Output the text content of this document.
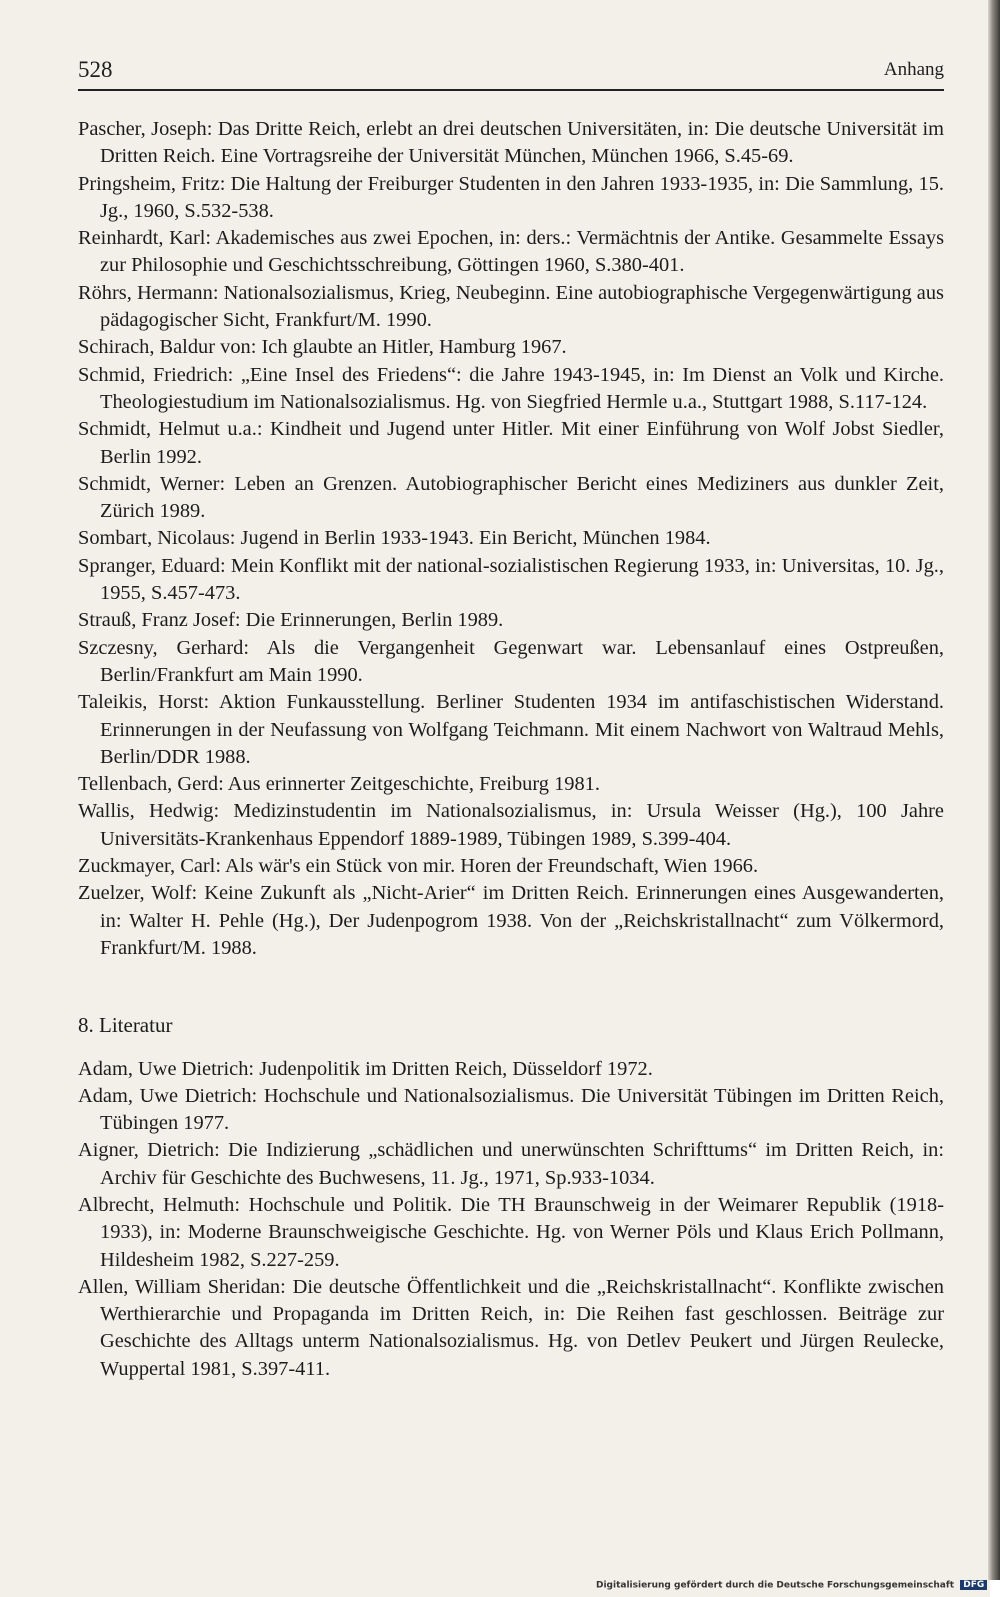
528	Anhang

Pascher, Joseph: Das Dritte Reich, erlebt an drei deutschen Universitäten, in: Die deutsche Universität im Dritten Reich. Eine Vortragsreihe der Universität München, München 1966, S.45-69.

Pringsheim, Fritz: Die Haltung der Freiburger Studenten in den Jahren 1933-1935, in: Die Sammlung, 15. Jg., 1960, S.532-538.

Reinhardt, Karl: Akademisches aus zwei Epochen, in: ders.: Vermächtnis der Antike. Gesammelte Essays zur Philosophie und Geschichtsschreibung, Göttingen 1960, S.380-401.

Röhrs, Hermann: Nationalsozialismus, Krieg, Neubeginn. Eine autobiographische Vergegenwärtigung aus pädagogischer Sicht, Frankfurt/M. 1990.

Schirach, Baldur von: Ich glaubte an Hitler, Hamburg 1967.

Schmid, Friedrich: „Eine Insel des Friedens“: die Jahre 1943-1945, in: Im Dienst an Volk und Kirche. Theologiestudium im Nationalsozialismus. Hg. von Siegfried Hermle u.a., Stuttgart 1988, S.117-124.

Schmidt, Helmut u.a.: Kindheit und Jugend unter Hitler. Mit einer Einführung von Wolf Jobst Siedler, Berlin 1992.

Schmidt, Werner: Leben an Grenzen. Autobiographischer Bericht eines Mediziners aus dunkler Zeit, Zürich 1989.

Sombart, Nicolaus: Jugend in Berlin 1933-1943. Ein Bericht, München 1984.

Spranger, Eduard: Mein Konflikt mit der national-sozialistischen Regierung 1933, in: Universitas, 10. Jg., 1955, S.457-473.

Strauß, Franz Josef: Die Erinnerungen, Berlin 1989.

Szczesny, Gerhard: Als die Vergangenheit Gegenwart war. Lebensanlauf eines Ostpreußen, Berlin/Frankfurt am Main 1990.

Taleikis, Horst: Aktion Funkausstellung. Berliner Studenten 1934 im antifaschistischen Widerstand. Erinnerungen in der Neufassung von Wolfgang Teichmann. Mit einem Nachwort von Waltraud Mehls, Berlin/DDR 1988.

Tellenbach, Gerd: Aus erinnerter Zeitgeschichte, Freiburg 1981.

Wallis, Hedwig: Medizinstudentin im Nationalsozialismus, in: Ursula Weisser (Hg.), 100 Jahre Universitäts-Krankenhaus Eppendorf 1889-1989, Tübingen 1989, S.399-404.

Zuckmayer, Carl: Als wär's ein Stück von mir. Horen der Freundschaft, Wien 1966.

Zuelzer, Wolf: Keine Zukunft als „Nicht-Arier“ im Dritten Reich. Erinnerungen eines Ausgewanderten, in: Walter H. Pehle (Hg.), Der Judenpogrom 1938. Von der „Reichskristallnacht“ zum Völkermord, Frankfurt/M. 1988.

8. Literatur

Adam, Uwe Dietrich: Judenpolitik im Dritten Reich, Düsseldorf 1972.

Adam, Uwe Dietrich: Hochschule und Nationalsozialismus. Die Universität Tübingen im Dritten Reich, Tübingen 1977.

Aigner, Dietrich: Die Indizierung „schädlichen und unerwünschten Schrifttums“ im Dritten Reich, in: Archiv für Geschichte des Buchwesens, 11. Jg., 1971, Sp.933-1034.

Albrecht, Helmuth: Hochschule und Politik. Die TH Braunschweig in der Weimarer Republik (1918-1933), in: Moderne Braunschweigische Geschichte. Hg. von Werner Pöls und Klaus Erich Pollmann, Hildesheim 1982, S.227-259.

Allen, William Sheridan: Die deutsche Öffentlichkeit und die „Reichskristallnacht“. Konflikte zwischen Werthierarchie und Propaganda im Dritten Reich, in: Die Reihen fast geschlossen. Beiträge zur Geschichte des Alltags unterm Nationalsozialismus. Hg. von Detlev Peukert und Jürgen Reulecke, Wuppertal 1981, S.397-411.

Digitalisierung gefördert durch die Deutsche Forschungsgemeinschaft DFG
